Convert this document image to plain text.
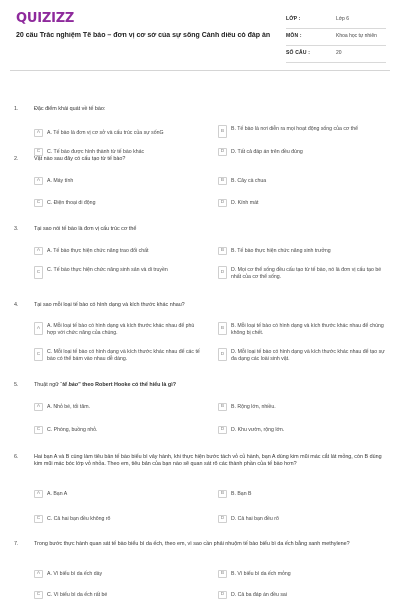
QUIZIZZ
20 câu Trắc nghiệm Tế bào – đơn vị cơ sở của sự sống Cánh diều có đáp án
LỚP :	Lớp 6
MÔN :	Khoa học tự nhiên
SỐ CÂU :	20
1.	Đặc điểm khái quát về tế bào:
A	A. Tế bào là đơn vị cơ sở và cấu trúc của sự sốnG	B	B. Tế bào là nơi diễn ra mọi hoạt động sống của cơ thể
C	C. Tế bào được hình thành từ tế bào khác	D	D. Tất cả đáp án trên đều đúng
2.	Vật nào sau đây có cấu tạo từ tế bào?
A	A. Máy tính	B	B. Cây cà chua
C	C. Điện thoại di động	D	D. Kính mát
3.	Tại sao nói tế bào là đơn vị cấu trúc cơ thể
A	A. Tế bào thực hiện chức năng trao đổi chất	B	B. Tế bào thực hiện chức năng sinh trưởng
C	C. Tế bào thực hiện chức năng sinh sản và di truyền	D	D. Mọi cơ thể sống đều cấu tạo từ tế bào, nó là đơn vị cấu tạo bé nhất của cơ thể sống.
4.	Tại sao mỗi loại tế bào có hình dạng và kích thước khác nhau?
A	A. Mỗi loại tế bào có hình dạng và kích thước khác nhau để phù hợp với chức năng của chúng.
B	B. Mỗi loại tế bào có hình dạng và kích thước khác nhau để chúng không bị chết.
C	C. Mỗi loại tế bào có hình dạng và kích thước khác nhau để các tế bào có thể bám vào nhau dễ dàng.
D	D. Mỗi loại tế bào có hình dạng và kích thước khác nhau để tạo sự đa dạng các loài sinh vật.
5.	Thuật ngữ “tế bào” theo Robert Hooke có thể hiểu là gì?
A	A. Nhỏ bé, tối tăm.	B	B. Rộng lớn, nhiều.
C	C. Phòng, buồng nhỏ.	D	D. Khu vườn, rộng lớn.
6.	Hai bạn A và B cùng làm tiêu bản tế bào biểu bì vảy hành, khi thực hiện bước tách vỏ củ hành, bạn A dùng kim mũi mác cắt lát mỏng, còn B dùng kim mũi mác bóc lớp vỏ nhỏa. Theo em, tiêu bản của bạn nào sẽ quan sát rõ các thành phần của tế bào hơn?
A	A. Bạn A	B	B. Bạn B
C	C. Cả hai bạn đều không rõ	D	D. Cả hai bạn đều rõ
7.	Trong bước thực hành quan sát tế bào biểu bì da ếch, theo em, vì sao cần phải nhuộm tế bào biểu bì da ếch bằng xanh methylene?
A	A. Vì biểu bì da ếch dày	B	B. Vì biểu bì da ếch mỏng
C	C. Vì biểu bì da ếch rất bé	D	D. Cả ba đáp án đều sai
